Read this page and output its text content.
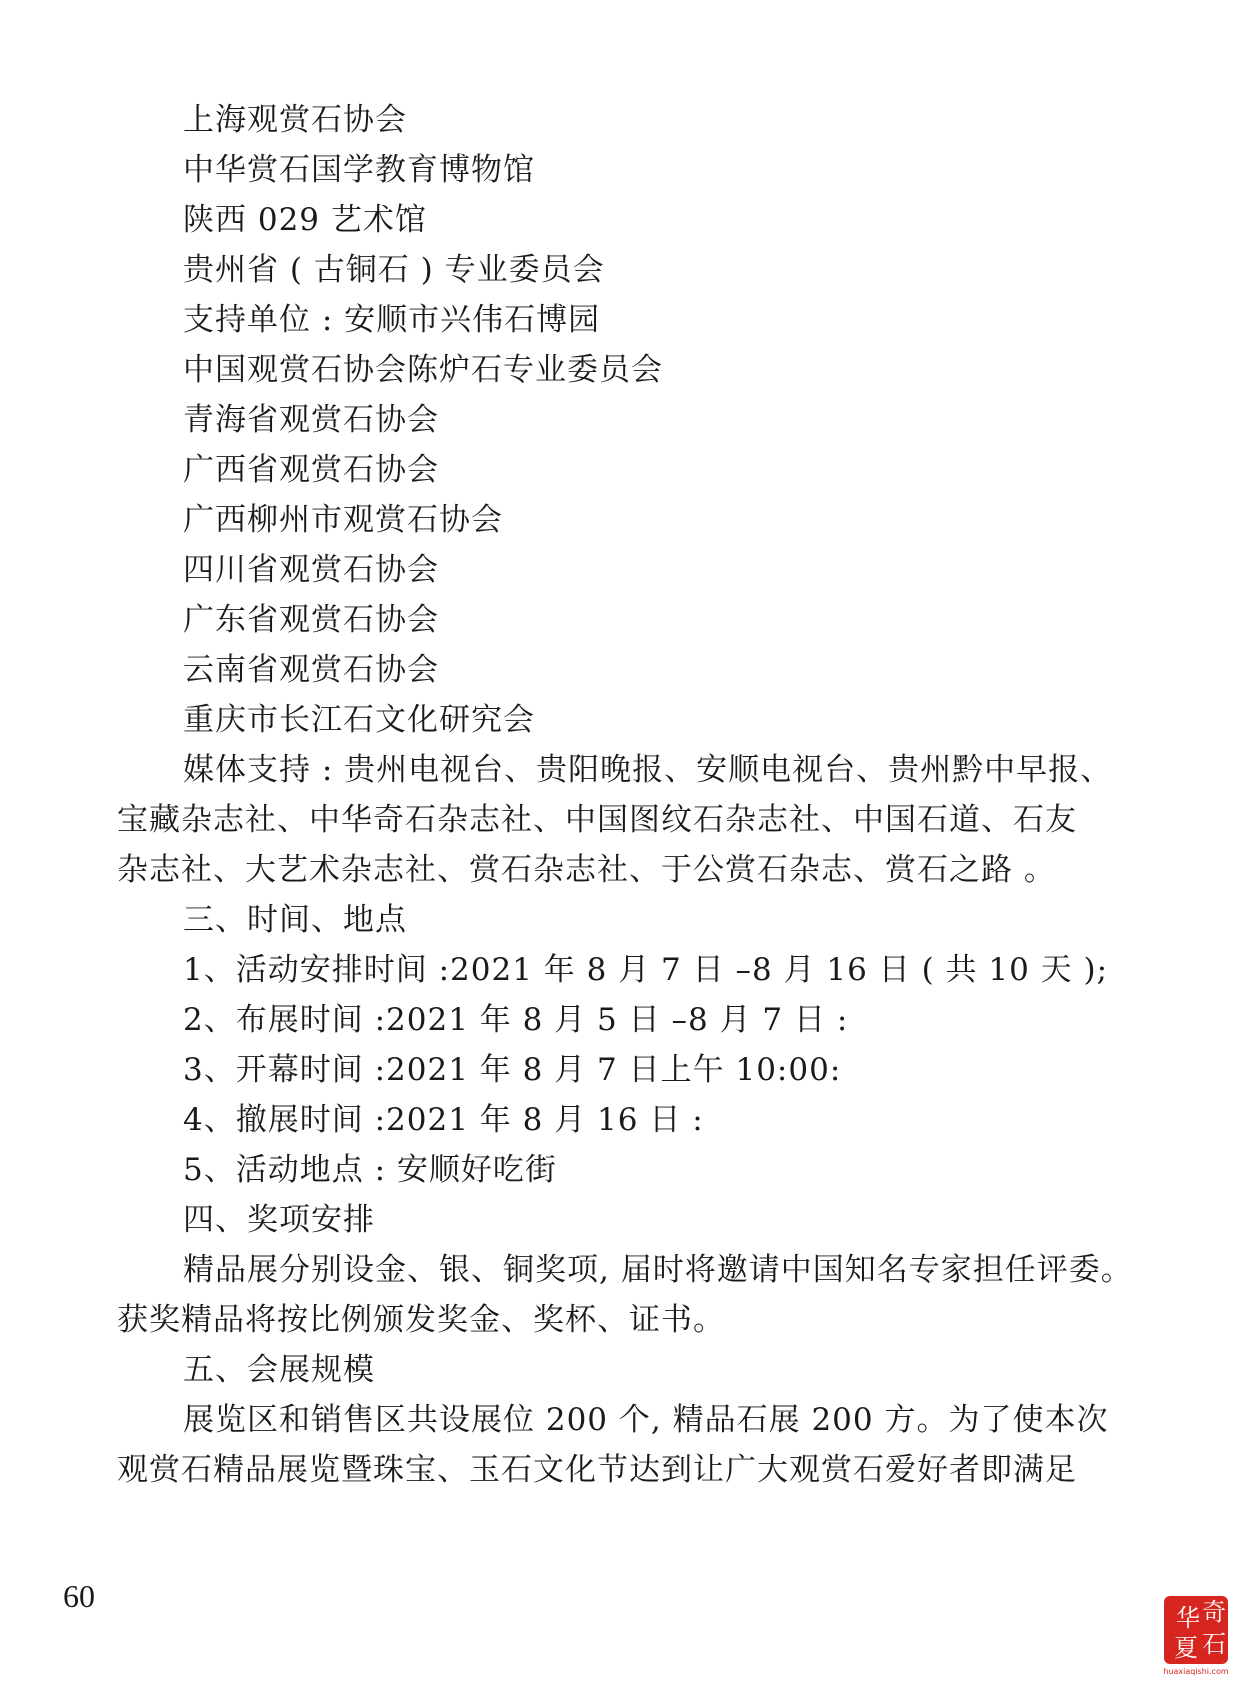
上海观赏石协会
中华赏石国学教育博物馆
陕西 029 艺术馆
贵州省 ( 古铜石 ) 专业委员会
支持单位 : 安顺市兴伟石博园
中国观赏石协会陈炉石专业委员会
青海省观赏石协会
广西省观赏石协会
广西柳州市观赏石协会
四川省观赏石协会
广东省观赏石协会
云南省观赏石协会
重庆市长江石文化研究会
媒体支持 : 贵州电视台、贵阳晚报、安顺电视台、贵州黔中早报、
宝藏杂志社、中华奇石杂志社、中国图纹石杂志社、中国石道、石友
杂志社、大艺术杂志社、赏石杂志社、于公赏石杂志、赏石之路 。
三、时间、地点
1、活动安排时间 :2021 年 8 月 7 日 –8 月 16 日 ( 共 10 天 );
2、布展时间 :2021 年 8 月 5 日 –8 月 7 日 :
3、开幕时间 :2021 年 8 月 7 日上午 10:00:
4、撤展时间 :2021 年 8 月 16 日 :
5、活动地点 : 安顺好吃街
四、奖项安排
精品展分别设金、银、铜奖项, 届时将邀请中国知名专家担任评委。
获奖精品将按比例颁发奖金、奖杯、证书。
五、会展规模
展览区和销售区共设展位 200 个, 精品石展 200 方。为了使本次
观赏石精品展览暨珠宝、玉石文化节达到让广大观赏石爱好者即满足
60
华 奇
夏 石
huaxiaqishi.com
